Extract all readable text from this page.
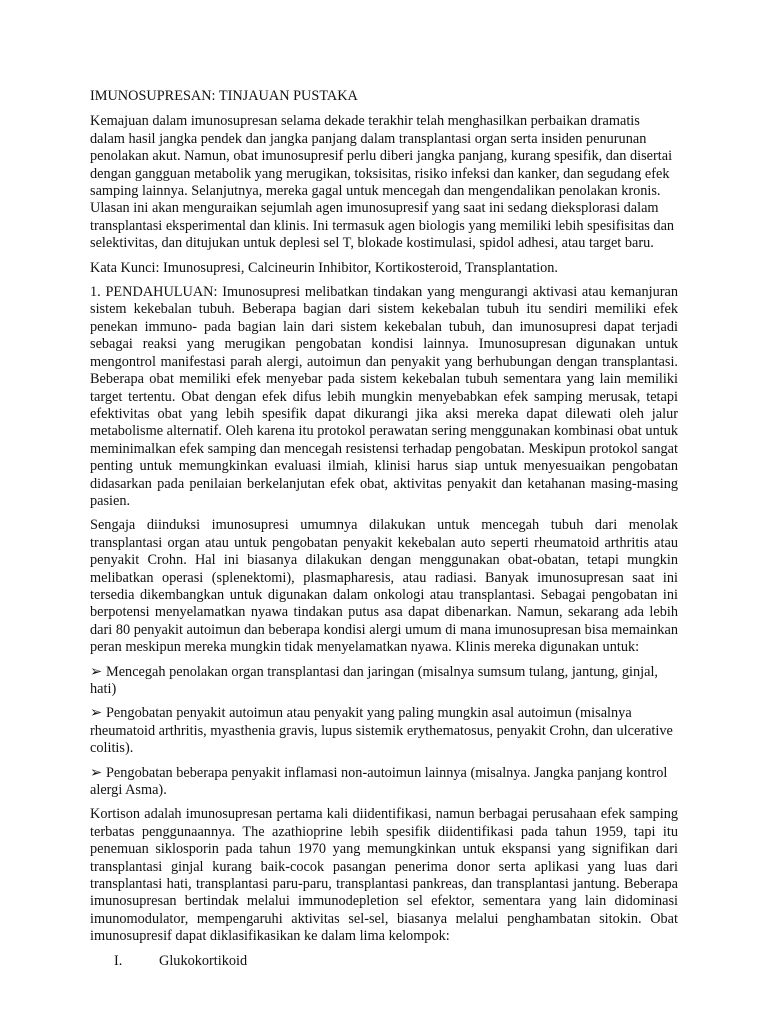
IMUNOSUPRESAN: TINJAUAN PUSTAKA

Kemajuan dalam imunosupresan selama dekade terakhir telah menghasilkan perbaikan dramatis dalam hasil jangka pendek dan jangka panjang dalam transplantasi organ serta insiden penurunan penolakan akut. Namun, obat imunosupresif perlu diberi jangka panjang, kurang spesifik, dan disertai dengan gangguan metabolik yang merugikan, toksisitas, risiko infeksi dan kanker, dan segudang efek samping lainnya. Selanjutnya, mereka gagal untuk mencegah dan mengendalikan penolakan kronis. Ulasan ini akan menguraikan sejumlah agen imunosupresif yang saat ini sedang dieksplorasi dalam transplantasi eksperimental dan klinis. Ini termasuk agen biologis yang memiliki lebih spesifisitas dan selektivitas, dan ditujukan untuk deplesi sel T, blokade kostimulasi, spidol adhesi, atau target baru.

Kata Kunci: Imunosupresi, Calcineurin Inhibitor, Kortikosteroid, Transplantation.

1. PENDAHULUAN: Imunosupresi melibatkan tindakan yang mengurangi aktivasi atau kemanjuran sistem kekebalan tubuh. Beberapa bagian dari sistem kekebalan tubuh itu sendiri memiliki efek penekan immuno- pada bagian lain dari sistem kekebalan tubuh, dan imunosupresi dapat terjadi sebagai reaksi yang merugikan pengobatan kondisi lainnya. Imunosupresan digunakan untuk mengontrol manifestasi parah alergi, autoimun dan penyakit yang berhubungan dengan transplantasi. Beberapa obat memiliki efek menyebar pada sistem kekebalan tubuh sementara yang lain memiliki target tertentu. Obat dengan efek difus lebih mungkin menyebabkan efek samping merusak, tetapi efektivitas obat yang lebih spesifik dapat dikurangi jika aksi mereka dapat dilewati oleh jalur metabolisme alternatif. Oleh karena itu protokol perawatan sering menggunakan kombinasi obat untuk meminimalkan efek samping dan mencegah resistensi terhadap pengobatan. Meskipun protokol sangat penting untuk memungkinkan evaluasi ilmiah, klinisi harus siap untuk menyesuaikan pengobatan didasarkan pada penilaian berkelanjutan efek obat, aktivitas penyakit dan ketahanan masing-masing pasien.

Sengaja diinduksi imunosupresi umumnya dilakukan untuk mencegah tubuh dari menolak transplantasi organ atau untuk pengobatan penyakit kekebalan auto seperti rheumatoid arthritis atau penyakit Crohn. Hal ini biasanya dilakukan dengan menggunakan obat-obatan, tetapi mungkin melibatkan operasi (splenektomi), plasmapharesis, atau radiasi. Banyak imunosupresan saat ini tersedia dikembangkan untuk digunakan dalam onkologi atau transplantasi. Sebagai pengobatan ini berpotensi menyelamatkan nyawa tindakan putus asa dapat dibenarkan. Namun, sekarang ada lebih dari 80 penyakit autoimun dan beberapa kondisi alergi umum di mana imunosupresan bisa memainkan peran meskipun mereka mungkin tidak menyelamatkan nyawa. Klinis mereka digunakan untuk:

➢ Mencegah penolakan organ transplantasi dan jaringan (misalnya sumsum tulang, jantung, ginjal, hati)

➢ Pengobatan penyakit autoimun atau penyakit yang paling mungkin asal autoimun (misalnya rheumatoid arthritis, myasthenia gravis, lupus sistemik erythematosus, penyakit Crohn, dan ulcerative colitis).

➢ Pengobatan beberapa penyakit inflamasi non-autoimun lainnya (misalnya. Jangka panjang kontrol alergi Asma).

Kortison adalah imunosupresan pertama kali diidentifikasi, namun berbagai perusahaan efek samping terbatas penggunaannya. The azathioprine lebih spesifik diidentifikasi pada tahun 1959, tapi itu penemuan siklosporin pada tahun 1970 yang memungkinkan untuk ekspansi yang signifikan dari transplantasi ginjal kurang baik-cocok pasangan penerima donor serta aplikasi yang luas dari transplantasi hati, transplantasi paru-paru, transplantasi pankreas, dan transplantasi jantung. Beberapa imunosupresan bertindak melalui immunodepletion sel efektor, sementara yang lain didominasi imunomodulator, mempengaruhi aktivitas sel-sel, biasanya melalui penghambatan sitokin. Obat imunosupresif dapat diklasifikasikan ke dalam lima kelompok:

I.	Glukokortikoid
